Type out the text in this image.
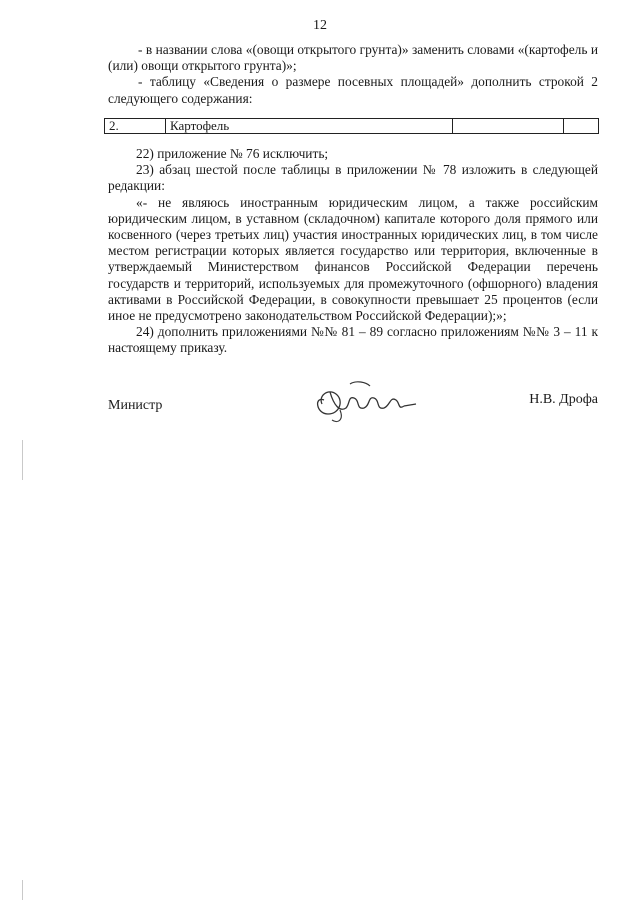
12

- в названии слова «(овощи открытого грунта)» заменить словами «(картофель и (или) овощи открытого грунта)»;

- таблицу «Сведения о размере посевных площадей» дополнить строкой 2 следующего содержания:

2.	Картофель

22) приложение № 76 исключить;

23) абзац шестой после таблицы в приложении № 78 изложить в следующей редакции:

«- не являюсь иностранным юридическим лицом, а также российским юридическим лицом, в уставном (складочном) капитале которого доля прямого или косвенного (через третьих лиц) участия иностранных юридических лиц, в том числе местом регистрации которых является государство или территория, включенные в утверждаемый Министерством финансов Российской Федерации перечень государств и территорий, используемых для промежуточного (офшорного) владения активами в Российской Федерации, в совокупности превышает 25 процентов (если иное не предусмотрено законодательством Российской Федерации);»;

24) дополнить приложениями №№ 81 – 89 согласно приложениям №№ 3 – 11 к настоящему приказу.

Министр	Н.В. Дрофа
